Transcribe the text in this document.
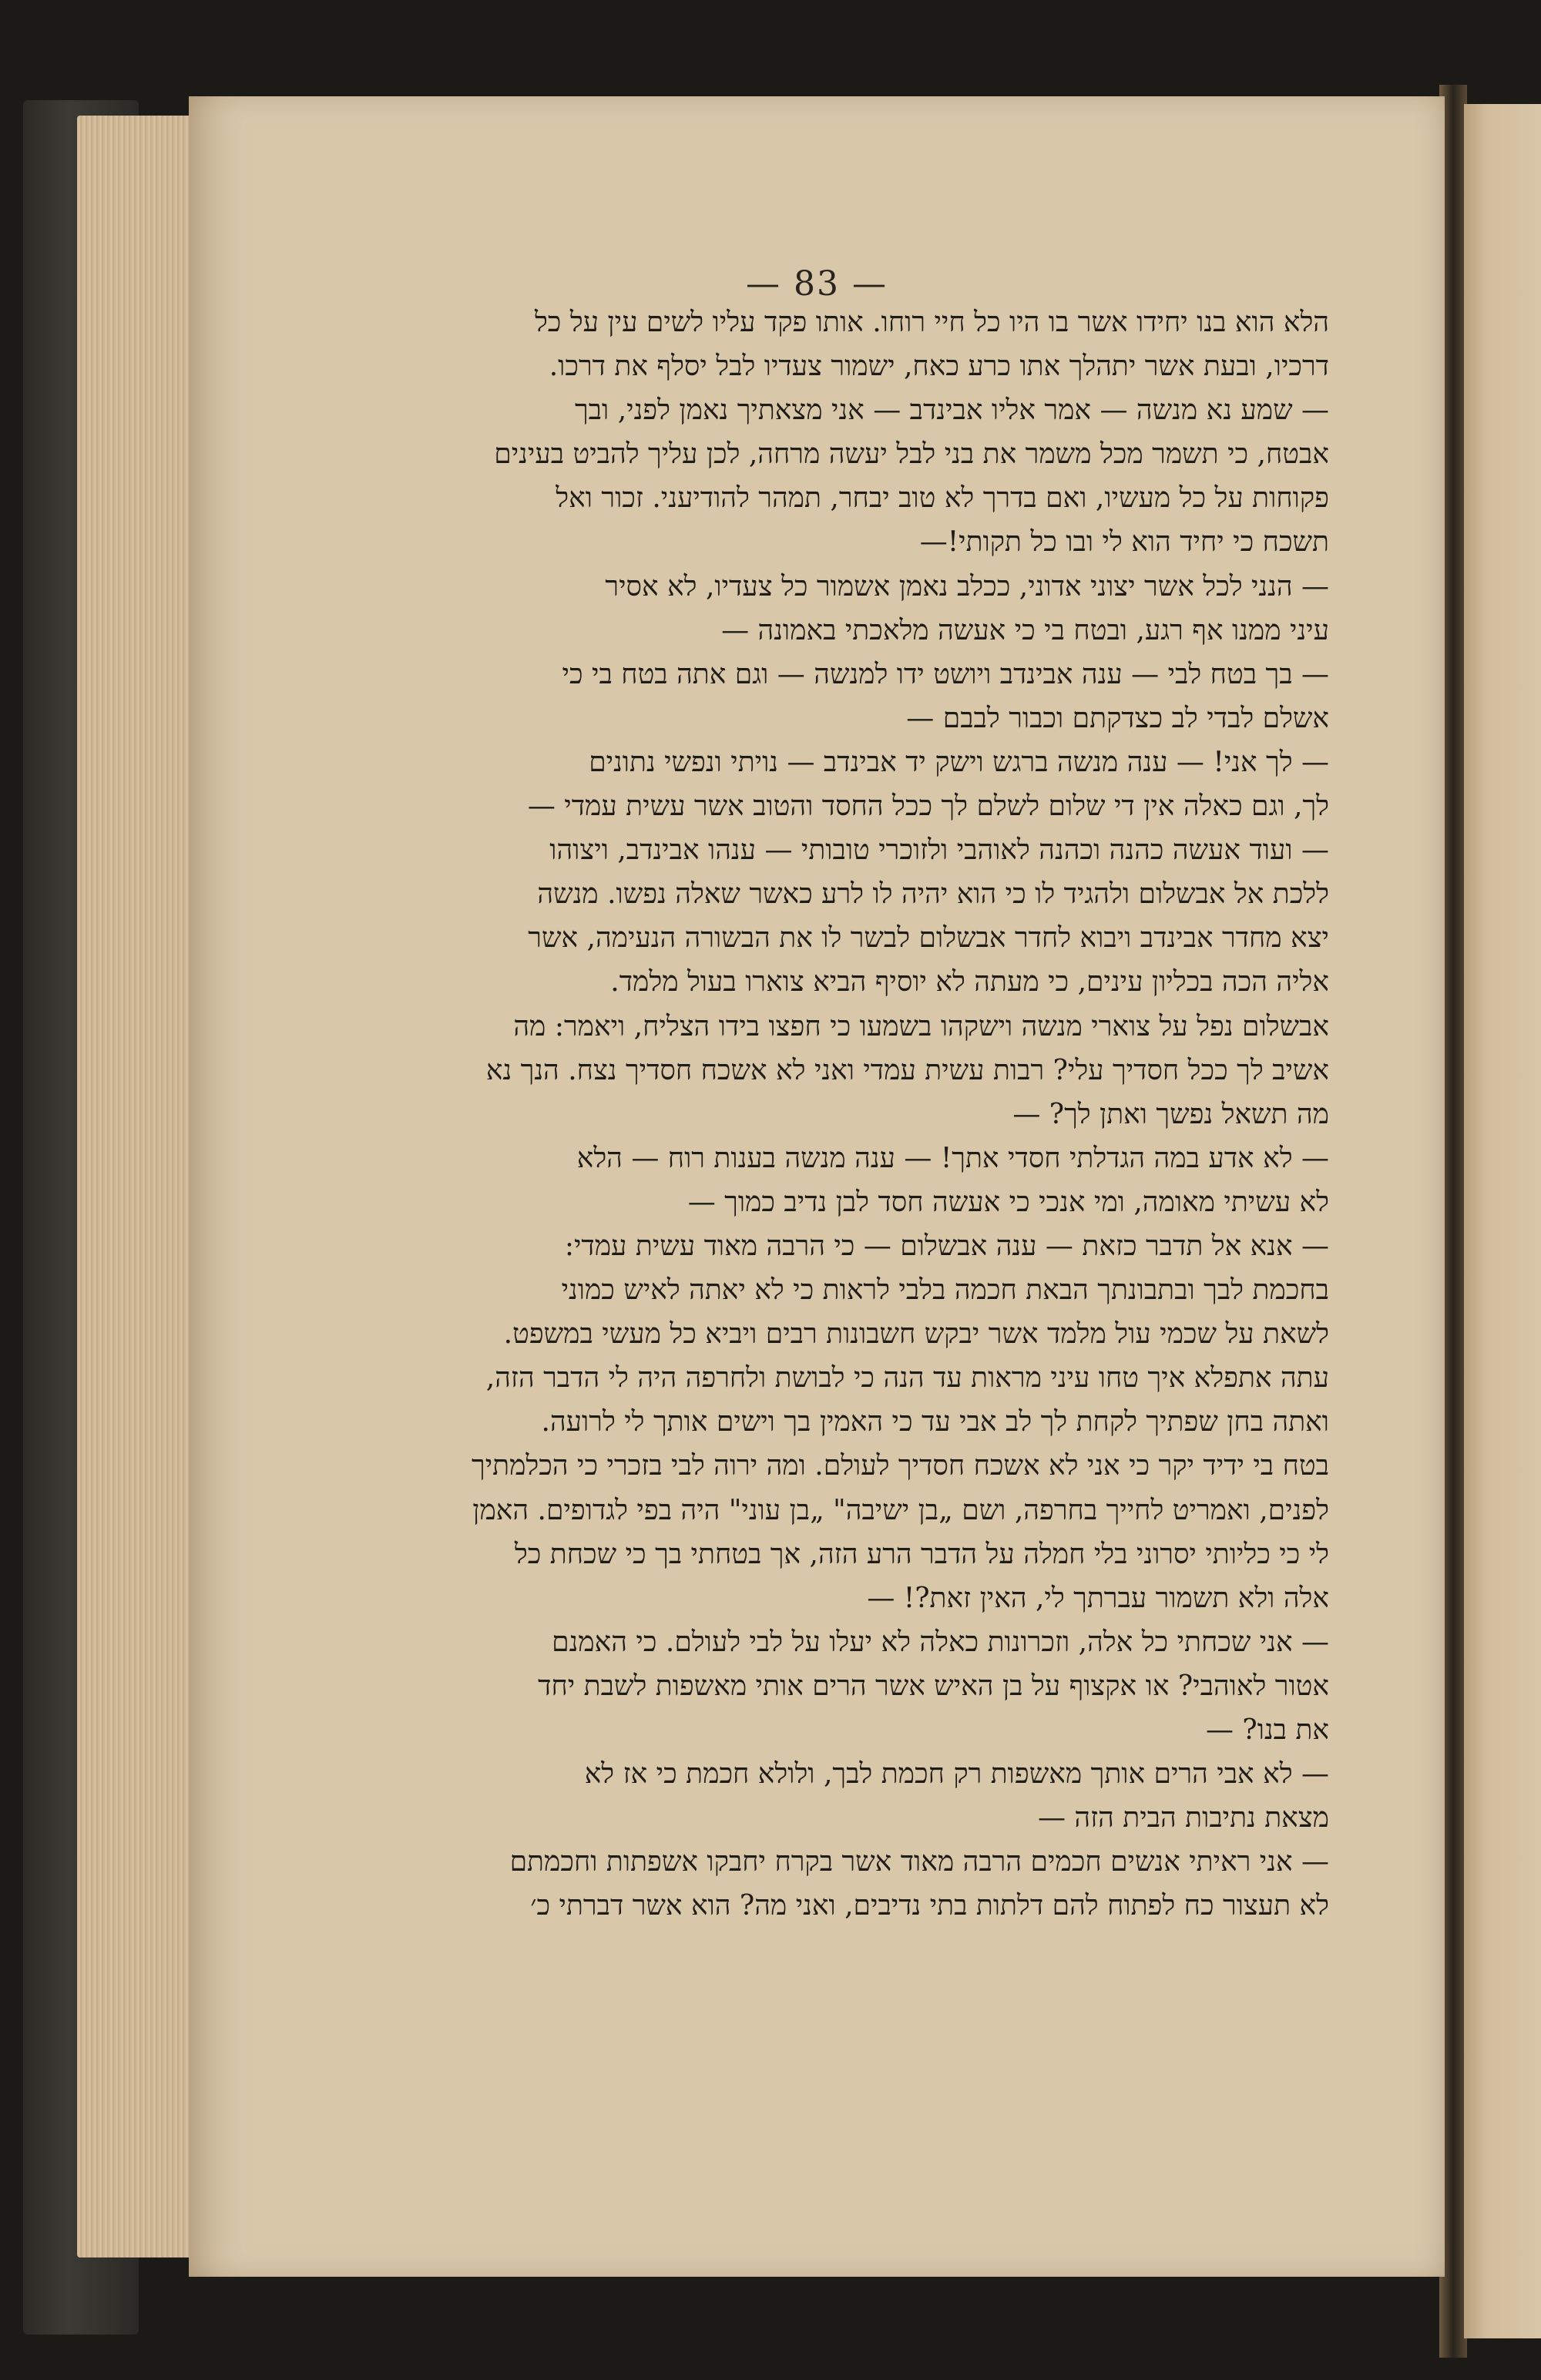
— 83 —
הלא הוא בנו יחידו אשר בו היו כל חיי רוחו. אותו פקד עליו לשים עין על כל
דרכיו, ובעת אשר יתהלך אתו כרע כאח, ישמור צעדיו לבל יסלף את דרכו.
— שמע נא מנשה — אמר אליו אבינדב — אני מצאתיך נאמן לפני, ובך
אבטח, כי תשמר מכל משמר את בני לבל יעשה מרחה, לכן עליך להביט בעינים
פקוחות על כל מעשיו, ואם בדרך לא טוב יבחר, תמהר להודיעני. זכור ואל
תשכח כי יחיד הוא לי ובו כל תקותי!—
— הנני לכל אשר יצוני אדוני, ככלב נאמן אשמור כל צעדיו, לא אסיר
עיני ממנו אף רגע, ובטח בי כי אעשה מלאכתי באמונה —
— בך בטח לבי — ענה אבינדב ויושט ידו למנשה — וגם אתה בטח בי כי
אשלם לבדי לב כצדקתם וכבור לבבם —
— לך אני! — ענה מנשה ברגש וישק יד אבינדב — נויתי ונפשי נתונים
לך, וגם כאלה אין די שלום לשלם לך ככל החסד והטוב אשר עשית עמדי —
— ועוד אעשה כהנה וכהנה לאוהבי ולזוכרי טובותי — ענהו אבינדב, ויצוהו
ללכת אל אבשלום ולהגיד לו כי הוא יהיה לו לרע כאשר שאלה נפשו. מנשה
יצא מחדר אבינדב ויבוא לחדר אבשלום לבשר לו את הבשורה הנעימה, אשר
אליה הכה בכליון עינים, כי מעתה לא יוסיף הביא צוארו בעול מלמד.
אבשלום נפל על צוארי מנשה וישקהו בשמעו כי חפצו בידו הצליח, ויאמר: מה
אשיב לך ככל חסדיך עלי? רבות עשית עמדי ואני לא אשכח חסדיך נצח. הנך נא
מה תשאל נפשך ואתן לך? —
— לא אדע במה הגדלתי חסדי אתך! — ענה מנשה בענות רוח — הלא
לא עשיתי מאומה, ומי אנכי כי אעשה חסד לבן נדיב כמוך —
— אנא אל תדבר כזאת — ענה אבשלום — כי הרבה מאוד עשית עמדי:
בחכמת לבך ובתבונתך הבאת חכמה בלבי לראות כי לא יאתה לאיש כמוני
לשאת על שכמי עול מלמד אשר יבקש חשבונות רבים ויביא כל מעשי במשפט.
עתה אתפלא איך טחו עיני מראות עד הנה כי לבושת ולחרפה היה לי הדבר הזה,
ואתה בחן שפתיך לקחת לך לב אבי עד כי האמין בך וישים אותך לי לרועה.
בטח בי ידיד יקר כי אני לא אשכח חסדיך לעולם. ומה ירוה לבי בזכרי כי הכלמתיך
לפנים, ואמריט לחייך בחרפה, ושם „בן ישיבה" „בן עוני" היה בפי לגדופים. האמן
לי כי כליותי יסרוני בלי חמלה על הדבר הרע הזה, אך בטחתי בך כי שכחת כל
אלה ולא תשמור עברתך לי, האין זאת?! —
— אני שכחתי כל אלה, וזכרונות כאלה לא יעלו על לבי לעולם. כי האמנם
אטור לאוהבי? או אקצוף על בן האיש אשר הרים אותי מאשפות לשבת יחד
את בנו? —
— לא אבי הרים אותך מאשפות רק חכמת לבך, ולולא חכמת כי אז לא
מצאת נתיבות הבית הזה —
— אני ראיתי אנשים חכמים הרבה מאוד אשר בקרח יחבקו אשפתות וחכמתם
לא תעצור כח לפתוח להם דלתות בתי נדיבים, ואני מה? הוא אשר דברתי כ׳
